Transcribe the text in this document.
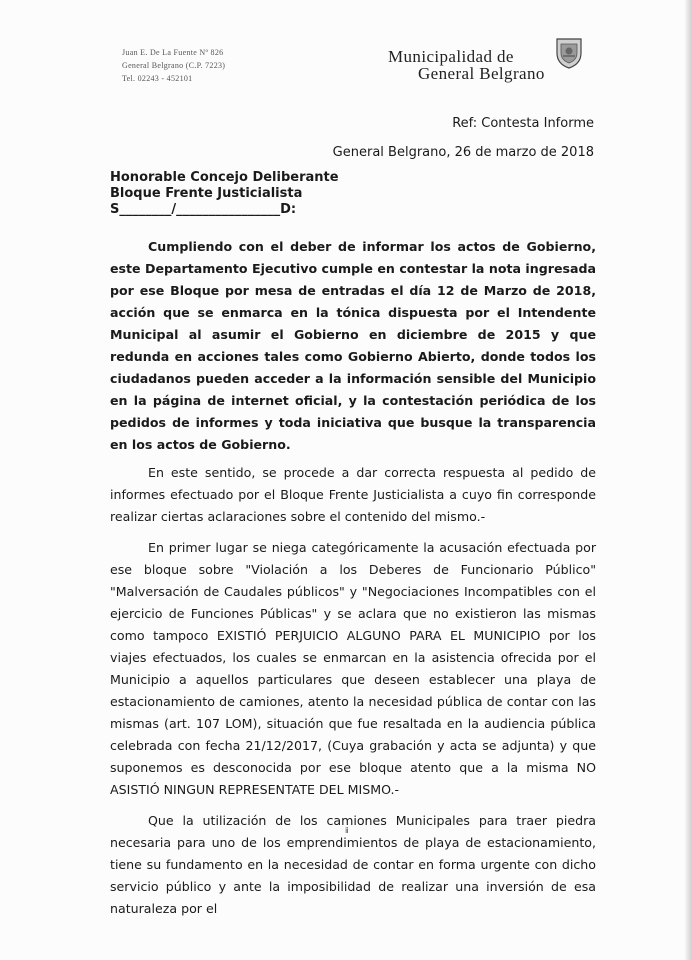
Juan E. De La Fuente Nº 826
General Belgrano (C.P. 7223)
Tel. 02243 - 452101
Municipalidad de
General Belgrano
Ref: Contesta Informe
General Belgrano, 26 de marzo de 2018
Honorable Concejo Deliberante
Bloque Frente Justicialista
S________/________________D:

Cumpliendo con el deber de informar los actos de Gobierno, este Departamento Ejecutivo cumple en contestar la nota ingresada por ese Bloque por mesa de entradas el día 12 de Marzo de 2018, acción que se enmarca en la tónica dispuesta por el Intendente Municipal al asumir el Gobierno en diciembre de 2015 y que redunda en acciones tales como Gobierno Abierto, donde todos los ciudadanos pueden acceder a la información sensible del Municipio en la página de internet oficial, y la contestación periódica de los pedidos de informes y toda iniciativa que busque la transparencia en los actos de Gobierno.

En este sentido, se procede a dar correcta respuesta al pedido de informes efectuado por el Bloque Frente Justicialista a cuyo fin corresponde realizar ciertas aclaraciones sobre el contenido del mismo.-

En primer lugar se niega categóricamente la acusación efectuada por ese bloque sobre "Violación a los Deberes de Funcionario Público" "Malversación de Caudales públicos" y "Negociaciones Incompatibles con el ejercicio de Funciones Públicas" y se aclara que no existieron las mismas como tampoco EXISTIÓ PERJUICIO ALGUNO PARA EL MUNICIPIO por los viajes efectuados, los cuales se enmarcan en la asistencia ofrecida por el Municipio a aquellos particulares que deseen establecer una playa de estacionamiento de camiones, atento la necesidad pública de contar con las mismas (art. 107 LOM), situación que fue resaltada en la audiencia pública celebrada con fecha 21/12/2017, (Cuya grabación y acta se adjunta) y que suponemos es desconocida por ese bloque atento que a la misma NO ASISTIÓ NINGUN REPRESENTATE DEL MISMO.-

Que la utilización de los camiones Municipales para traer piedra necesaria para uno de los emprendimientos de playa de estacionamiento, tiene su fundamento en la necesidad de contar en forma urgente con dicho servicio público y ante la imposibilidad de realizar una inversión de esa naturaleza por el

ⅱ
